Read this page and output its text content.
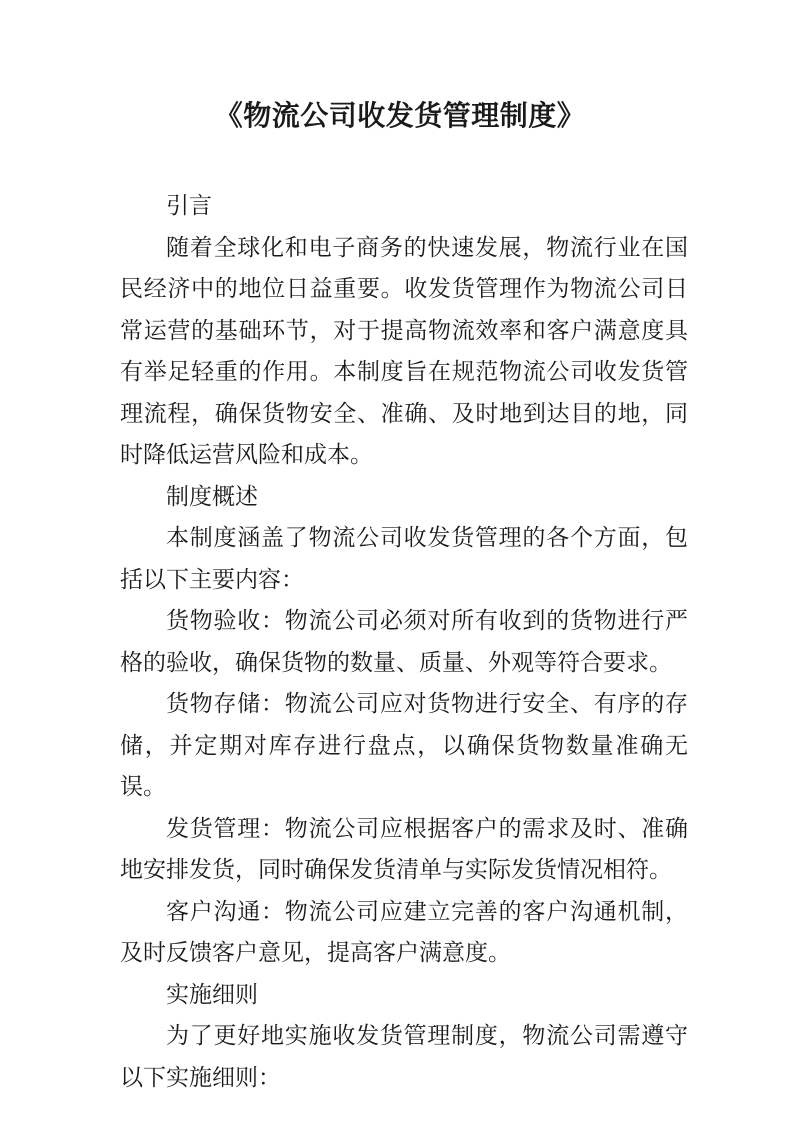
《物流公司收发货管理制度》

引言

随着全球化和电子商务的快速发展，物流行业在国民经济中的地位日益重要。收发货管理作为物流公司日常运营的基础环节，对于提高物流效率和客户满意度具有举足轻重的作用。本制度旨在规范物流公司收发货管理流程，确保货物安全、准确、及时地到达目的地，同时降低运营风险和成本。

制度概述

本制度涵盖了物流公司收发货管理的各个方面，包括以下主要内容：

货物验收：物流公司必须对所有收到的货物进行严格的验收，确保货物的数量、质量、外观等符合要求。

货物存储：物流公司应对货物进行安全、有序的存储，并定期对库存进行盘点，以确保货物数量准确无误。

发货管理：物流公司应根据客户的需求及时、准确地安排发货，同时确保发货清单与实际发货情况相符。

客户沟通：物流公司应建立完善的客户沟通机制，及时反馈客户意见，提高客户满意度。

实施细则

为了更好地实施收发货管理制度，物流公司需遵守以下实施细则：
